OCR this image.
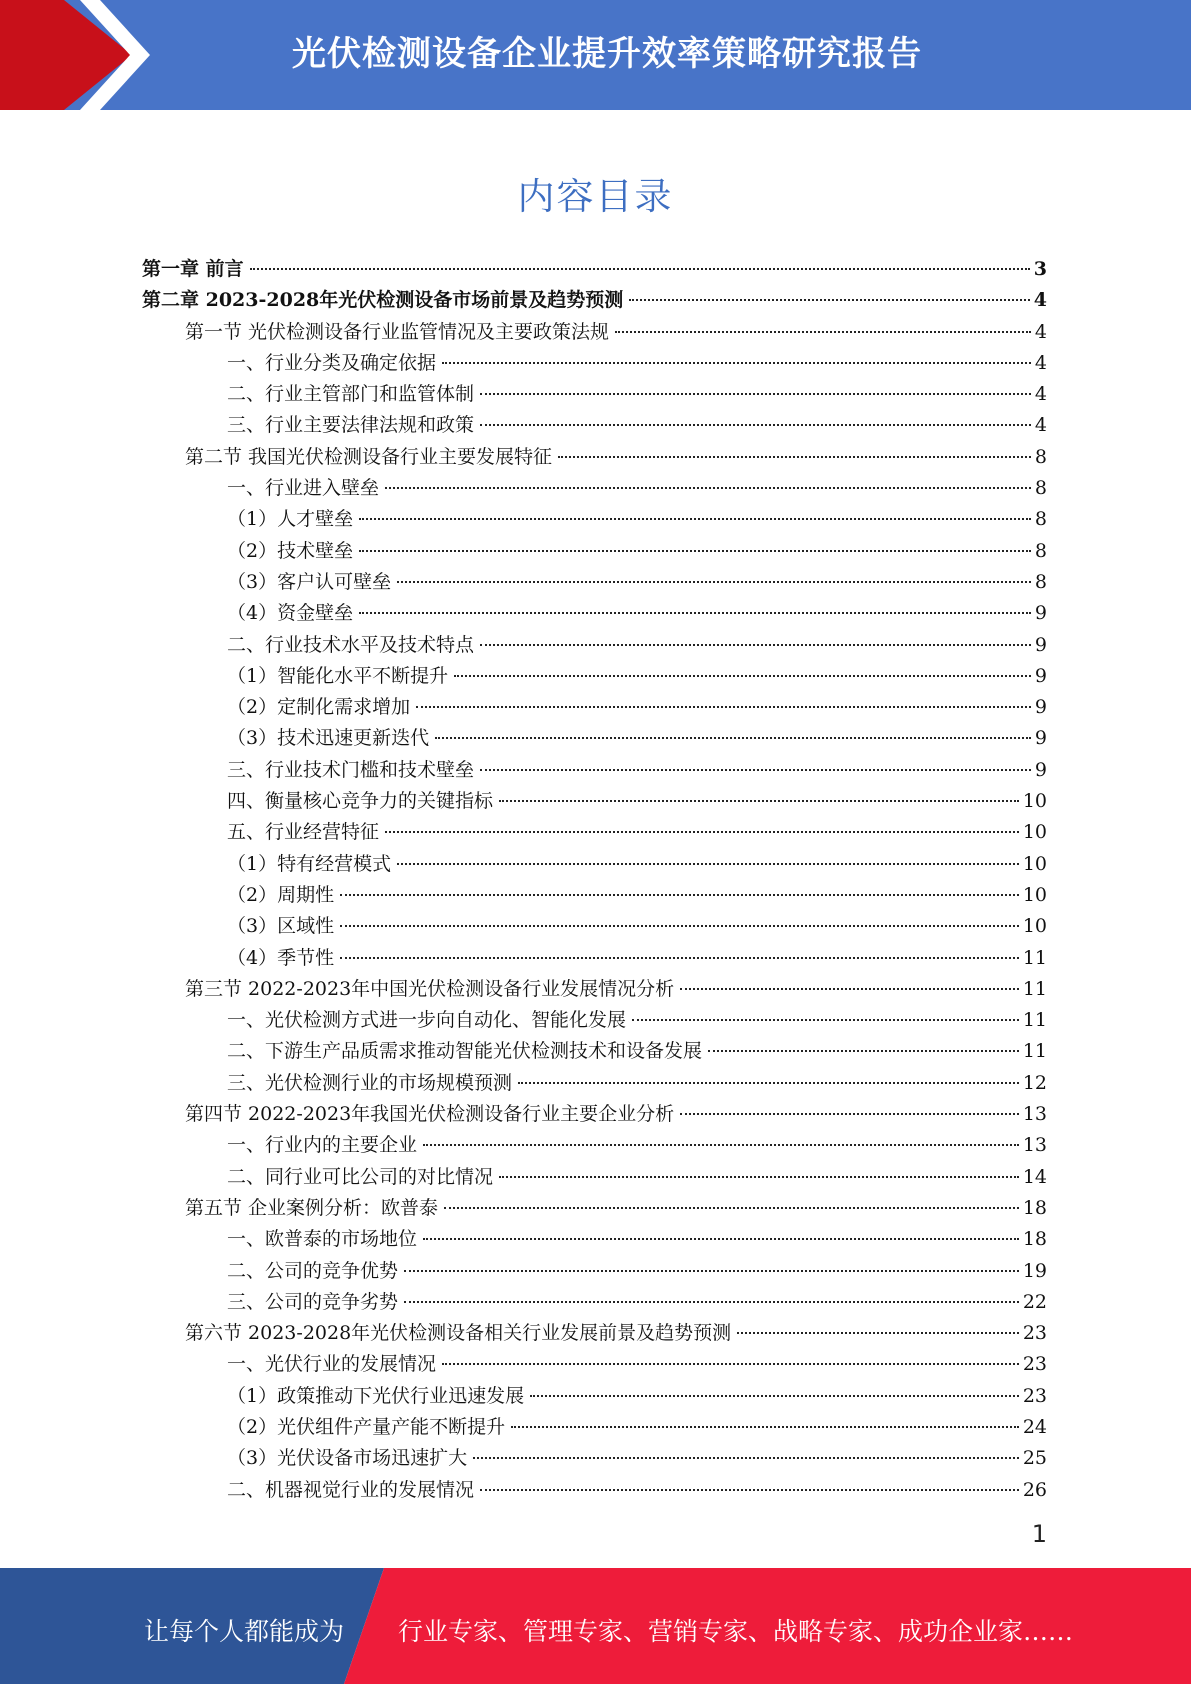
光伏检测设备企业提升效率策略研究报告
内容目录
第一章 前言	3
第二章 2023-2028年光伏检测设备市场前景及趋势预测	4
第一节 光伏检测设备行业监管情况及主要政策法规	4
一、行业分类及确定依据	4
二、行业主管部门和监管体制	4
三、行业主要法律法规和政策	4
第二节 我国光伏检测设备行业主要发展特征	8
一、行业进入壁垒	8
（1）人才壁垒	8
（2）技术壁垒	8
（3）客户认可壁垒	8
（4）资金壁垒	9
二、行业技术水平及技术特点	9
（1）智能化水平不断提升	9
（2）定制化需求增加	9
（3）技术迅速更新迭代	9
三、行业技术门槛和技术壁垒	9
四、衡量核心竞争力的关键指标	10
五、行业经营特征	10
（1）特有经营模式	10
（2）周期性	10
（3）区域性	10
（4）季节性	11
第三节 2022-2023年中国光伏检测设备行业发展情况分析	11
一、光伏检测方式进一步向自动化、智能化发展	11
二、下游生产品质需求推动智能光伏检测技术和设备发展	11
三、光伏检测行业的市场规模预测	12
第四节 2022-2023年我国光伏检测设备行业主要企业分析	13
一、行业内的主要企业	13
二、同行业可比公司的对比情况	14
第五节 企业案例分析：欧普泰	18
一、欧普泰的市场地位	18
二、公司的竞争优势	19
三、公司的竞争劣势	22
第六节 2023-2028年光伏检测设备相关行业发展前景及趋势预测	23
一、光伏行业的发展情况	23
（1）政策推动下光伏行业迅速发展	23
（2）光伏组件产量产能不断提升	24
（3）光伏设备市场迅速扩大	25
二、机器视觉行业的发展情况	26
1
让每个人都能成为 行业专家、管理专家、营销专家、战略专家、成功企业家……
